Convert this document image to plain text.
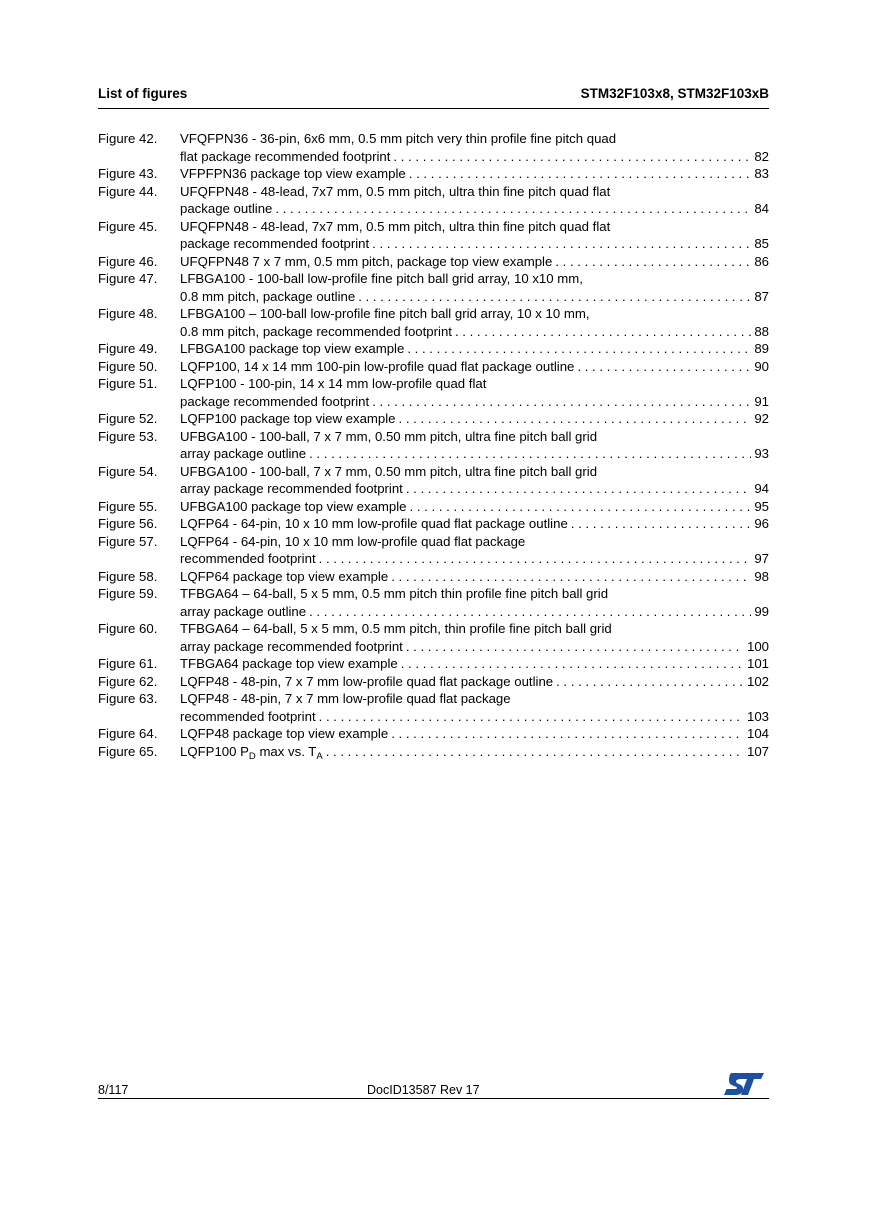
List of figures	STM32F103x8, STM32F103xB
Figure 42. VFQFPN36 - 36-pin, 6x6 mm, 0.5 mm pitch very thin profile fine pitch quad
flat package recommended footprint . . .	82
Figure 43. VFPFPN36 package top view example . . .	83
Figure 44. UFQFPN48 - 48-lead, 7x7 mm, 0.5 mm pitch, ultra thin fine pitch quad flat
package outline . . .	84
Figure 45. UFQFPN48 - 48-lead, 7x7 mm, 0.5 mm pitch, ultra thin fine pitch quad flat
package recommended footprint . . .	85
Figure 46. UFQFPN48 7 x 7 mm, 0.5 mm pitch, package top view example . . .	86
Figure 47. LFBGA100 - 100-ball low-profile fine pitch ball grid array, 10 x10 mm,
0.8 mm pitch, package outline . . .	87
Figure 48. LFBGA100 – 100-ball low-profile fine pitch ball grid array, 10 x 10 mm,
0.8 mm pitch, package recommended footprint . . .	88
Figure 49. LFBGA100 package top view example . . .	89
Figure 50. LQFP100, 14 x 14 mm 100-pin low-profile quad flat package outline . . .	90
Figure 51. LQFP100 - 100-pin, 14 x 14 mm low-profile quad flat
package recommended footprint . . .	91
Figure 52. LQFP100 package top view example . . .	92
Figure 53. UFBGA100 - 100-ball, 7 x 7 mm, 0.50 mm pitch, ultra fine pitch ball grid
array package outline . . .	93
Figure 54. UFBGA100 - 100-ball, 7 x 7 mm, 0.50 mm pitch, ultra fine pitch ball grid
array package recommended footprint . . .	94
Figure 55. UFBGA100 package top view example . . .	95
Figure 56. LQFP64 - 64-pin, 10 x 10 mm low-profile quad flat package outline . . .	96
Figure 57. LQFP64 - 64-pin, 10 x 10 mm low-profile quad flat package
recommended footprint . . .	97
Figure 58. LQFP64 package top view example . . .	98
Figure 59. TFBGA64 – 64-ball, 5 x 5 mm, 0.5 mm pitch thin profile fine pitch ball grid
array package outline . . .	99
Figure 60. TFBGA64 – 64-ball, 5 x 5 mm, 0.5 mm pitch, thin profile fine pitch ball grid
array package recommended footprint . . .	100
Figure 61. TFBGA64 package top view example . . .	101
Figure 62. LQFP48 - 48-pin, 7 x 7 mm low-profile quad flat package outline . . .	102
Figure 63. LQFP48 - 48-pin, 7 x 7 mm low-profile quad flat package
recommended footprint . . .	103
Figure 64. LQFP48 package top view example . . .	104
Figure 65. LQFP100 $P_D$ max vs. $T_A$ . . .	107
8/117	DocID13587 Rev 17
